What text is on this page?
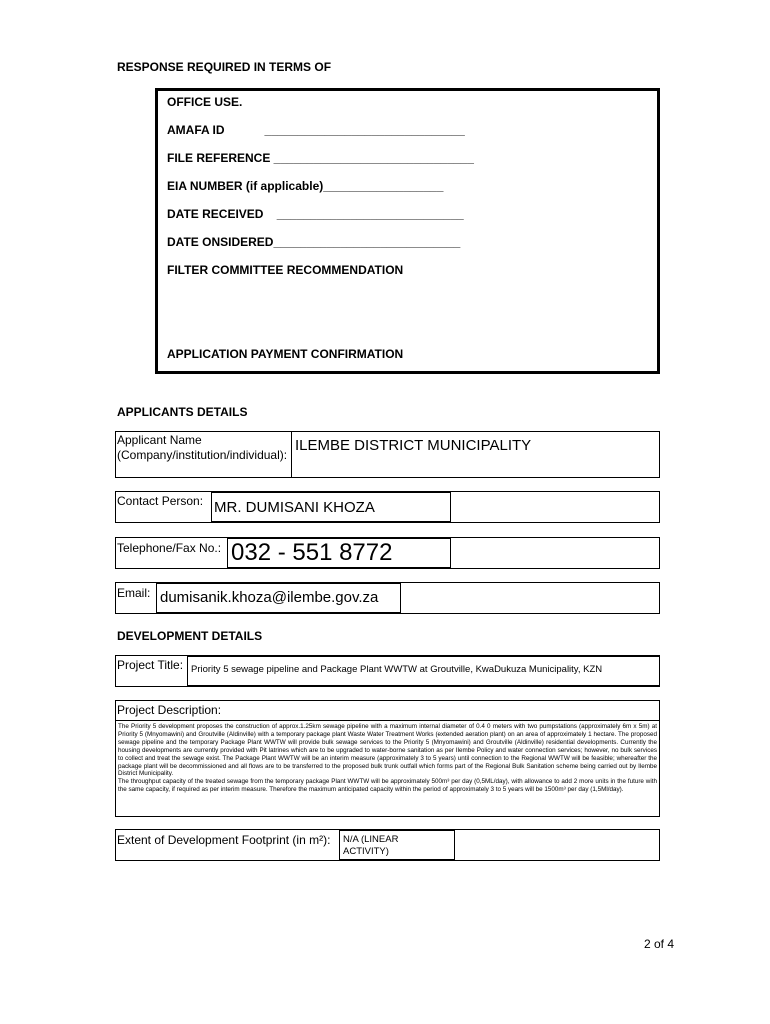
RESPONSE REQUIRED IN TERMS OF
OFFICE USE.
AMAFA ID            ______________________________
FILE REFERENCE ______________________________
EIA NUMBER (if applicable)__________________
DATE RECEIVED    ____________________________
DATE ONSIDERED____________________________
FILTER COMMITTEE RECOMMENDATION
APPLICATION PAYMENT CONFIRMATION
APPLICANTS DETAILS
Applicant Name
(Company/institution/individual):
ILEMBE DISTRICT MUNICIPALITY
Contact Person: MR. DUMISANI KHOZA
Telephone/Fax No.: 032 - 551 8772
Email: dumisanik.khoza@ilembe.gov.za
DEVELOPMENT DETAILS
Project Title: Priority 5 sewage pipeline and Package Plant WWTW at Groutville, KwaDukuza Municipality, KZN
Project Description:
The Priority 5 development proposes the construction of approx.1.25km sewage pipeline with a maximum internal diameter of 0.4 0 meters with two pumpstations (approximately 6m x 5m) at Priority 5 (Mnyomawini) and Groutville (Aldinville) with a temporary package plant Waste Water Treatment Works (extended aeration plant) on an area of approximately 1 hectare. The proposed sewage pipeline and the temporary Package Plant WWTW will provide bulk sewage services to the Priority 5 (Mnyomawini) and Groutville (Aldinville) residential developments. Currently the housing developments are currently provided with Pit latrines which are to be upgraded to water-borne sanitation as per Ilembe Policy and water connection services; however, no bulk services to collect and treat the sewage exist. The Package Plant WWTW will be an interim measure (approximately 3 to 5 years) until connection to the Regional WWTW will be feasible; whereafter the package plant will be decommissioned and all flows are to be transferred to the proposed bulk trunk outfall which forms part of the Regional Bulk Sanitation scheme being carried out by Ilembe District Municipality.
The throughput capacity of the treated sewage from the temporary package Plant WWTW will be approximately 500m³ per day (0,5ML/day), with allowance to add 2 more units in the future with the same capacity, if required as per interim measure. Therefore the maximum anticipated capacity within the period of approximately 3 to 5 years will be 1500m³ per day (1,5Ml/day).
Extent of Development Footprint (in m²): N/A (LINEAR
ACTIVITY)
2 of 4
